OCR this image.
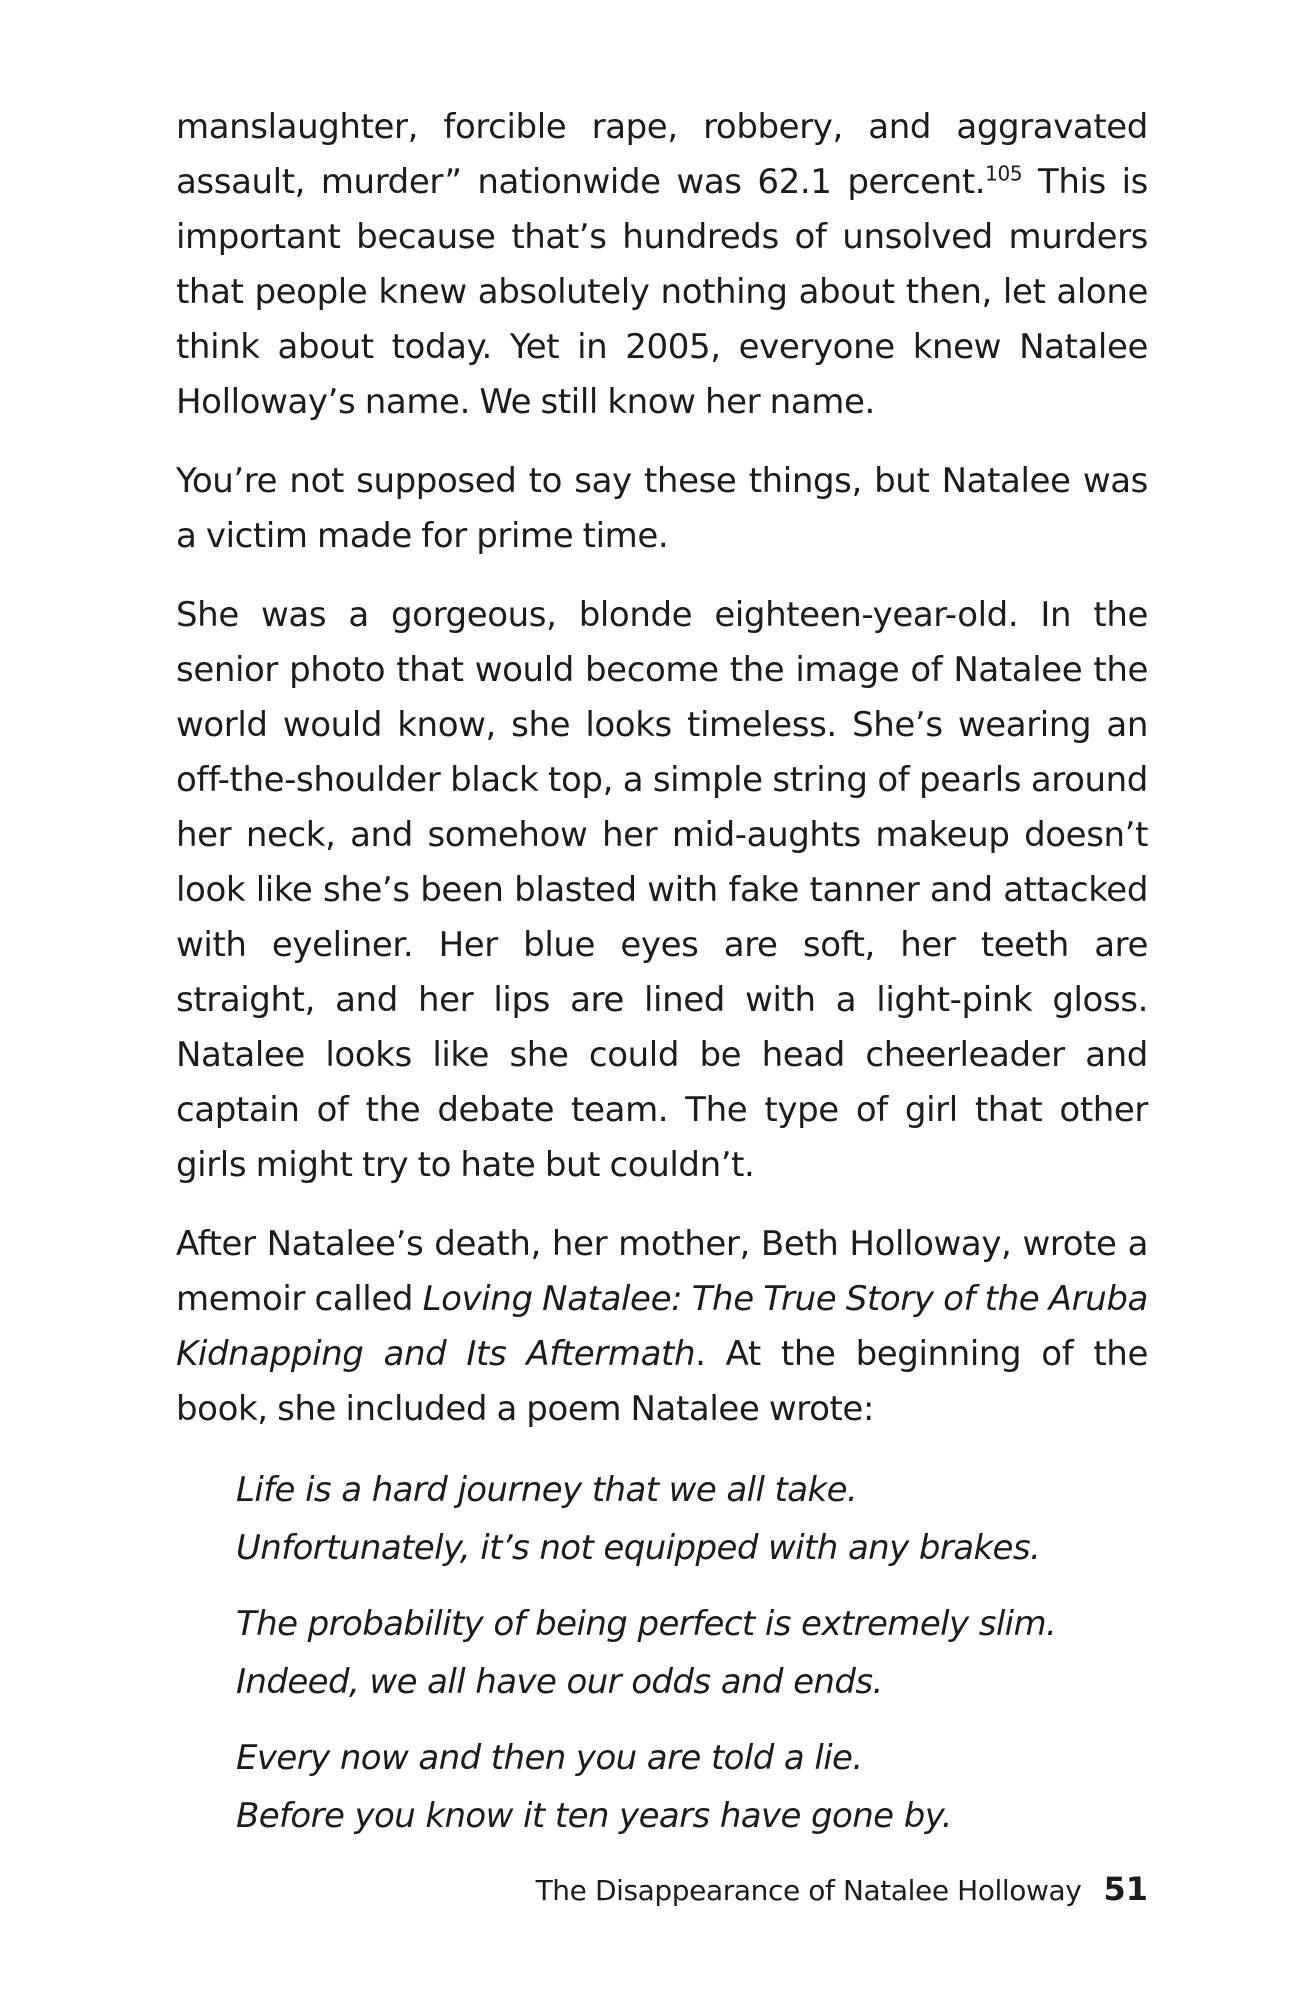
manslaughter, forcible rape, robbery, and aggravated assault, murder” nationwide was 62.1 percent.$^{105}$ This is important because that’s hundreds of unsolved murders that people knew absolutely nothing about then, let alone think about today. Yet in 2005, everyone knew Natalee Holloway’s name. We still know her name.

You’re not supposed to say these things, but Natalee was a victim made for prime time.

She was a gorgeous, blonde eighteen-year-old. In the senior photo that would become the image of Natalee the world would know, she looks timeless. She’s wearing an off-the-shoulder black top, a simple string of pearls around her neck, and somehow her mid-aughts makeup doesn’t look like she’s been blasted with fake tanner and attacked with eyeliner. Her blue eyes are soft, her teeth are straight, and her lips are lined with a light-pink gloss. Natalee looks like she could be head cheerleader and captain of the debate team. The type of girl that other girls might try to hate but couldn’t.

After Natalee’s death, her mother, Beth Holloway, wrote a memoir called Loving Natalee: The True Story of the Aruba Kidnapping and Its Aftermath. At the beginning of the book, she included a poem Natalee wrote:

Life is a hard journey that we all take.
Unfortunately, it’s not equipped with any brakes.
The probability of being perfect is extremely slim.
Indeed, we all have our odds and ends.
Every now and then you are told a lie.
Before you know it ten years have gone by.
The Disappearance of Natalee Holloway 51
